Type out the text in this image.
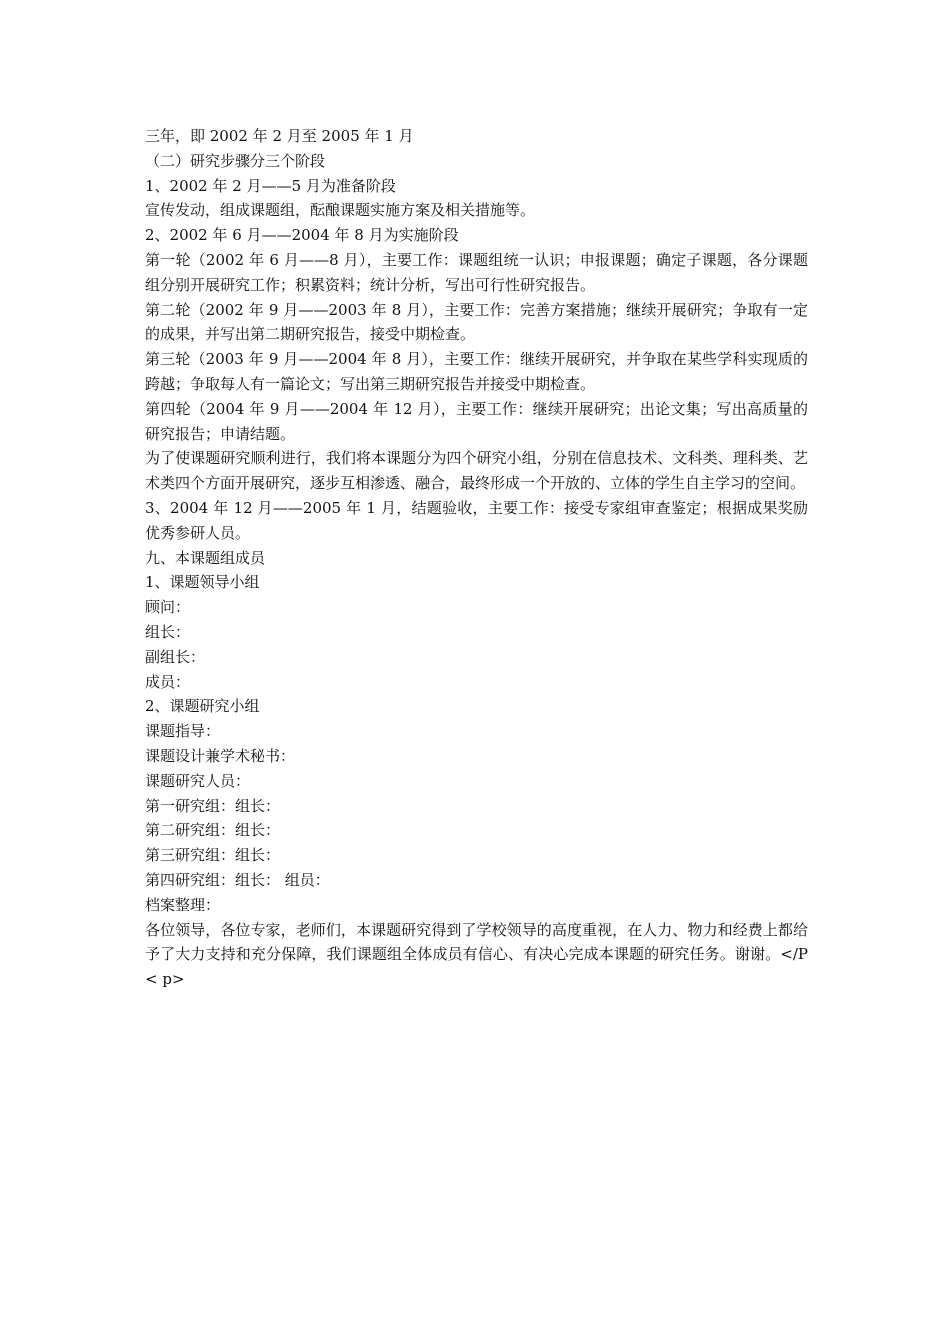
三年，即 2002 年 2 月至 2005 年 1 月

（二）研究步骤分三个阶段

1、2002 年 2 月——5 月为准备阶段

宣传发动，组成课题组，酝酿课题实施方案及相关措施等。

2、2002 年 6 月——2004 年 8 月为实施阶段

第一轮（2002 年 6 月——8 月），主要工作：课题组统一认识；申报课题；确定子课题，各分课题组分别开展研究工作；积累资料；统计分析，写出可行性研究报告。

第二轮（2002 年 9 月——2003 年 8 月），主要工作：完善方案措施；继续开展研究；争取有一定的成果，并写出第二期研究报告，接受中期检查。

第三轮（2003 年 9 月——2004 年 8 月），主要工作：继续开展研究，并争取在某些学科实现质的跨越；争取每人有一篇论文；写出第三期研究报告并接受中期检查。

第四轮（2004 年 9 月——2004 年 12 月），主要工作：继续开展研究；出论文集；写出高质量的研究报告；申请结题。

为了使课题研究顺利进行，我们将本课题分为四个研究小组，分别在信息技术、文科类、理科类、艺术类四个方面开展研究，逐步互相渗透、融合，最终形成一个开放的、立体的学生自主学习的空间。

3、2004 年 12 月——2005 年 1 月，结题验收，主要工作：接受专家组审查鉴定；根据成果奖励优秀参研人员。

九、本课题组成员

1、课题领导小组

顾问：

组长：

副组长：

成员：

2、课题研究小组

课题指导：

课题设计兼学术秘书：

课题研究人员：

第一研究组：组长：

第二研究组：组长：

第三研究组：组长：

第四研究组：组长： 组员：

档案整理：

各位领导，各位专家，老师们，本课题研究得到了学校领导的高度重视，在人力、物力和经费上都给予了大力支持和充分保障，我们课题组全体成员有信心、有决心完成本课题的研究任务。谢谢。</P< p>
